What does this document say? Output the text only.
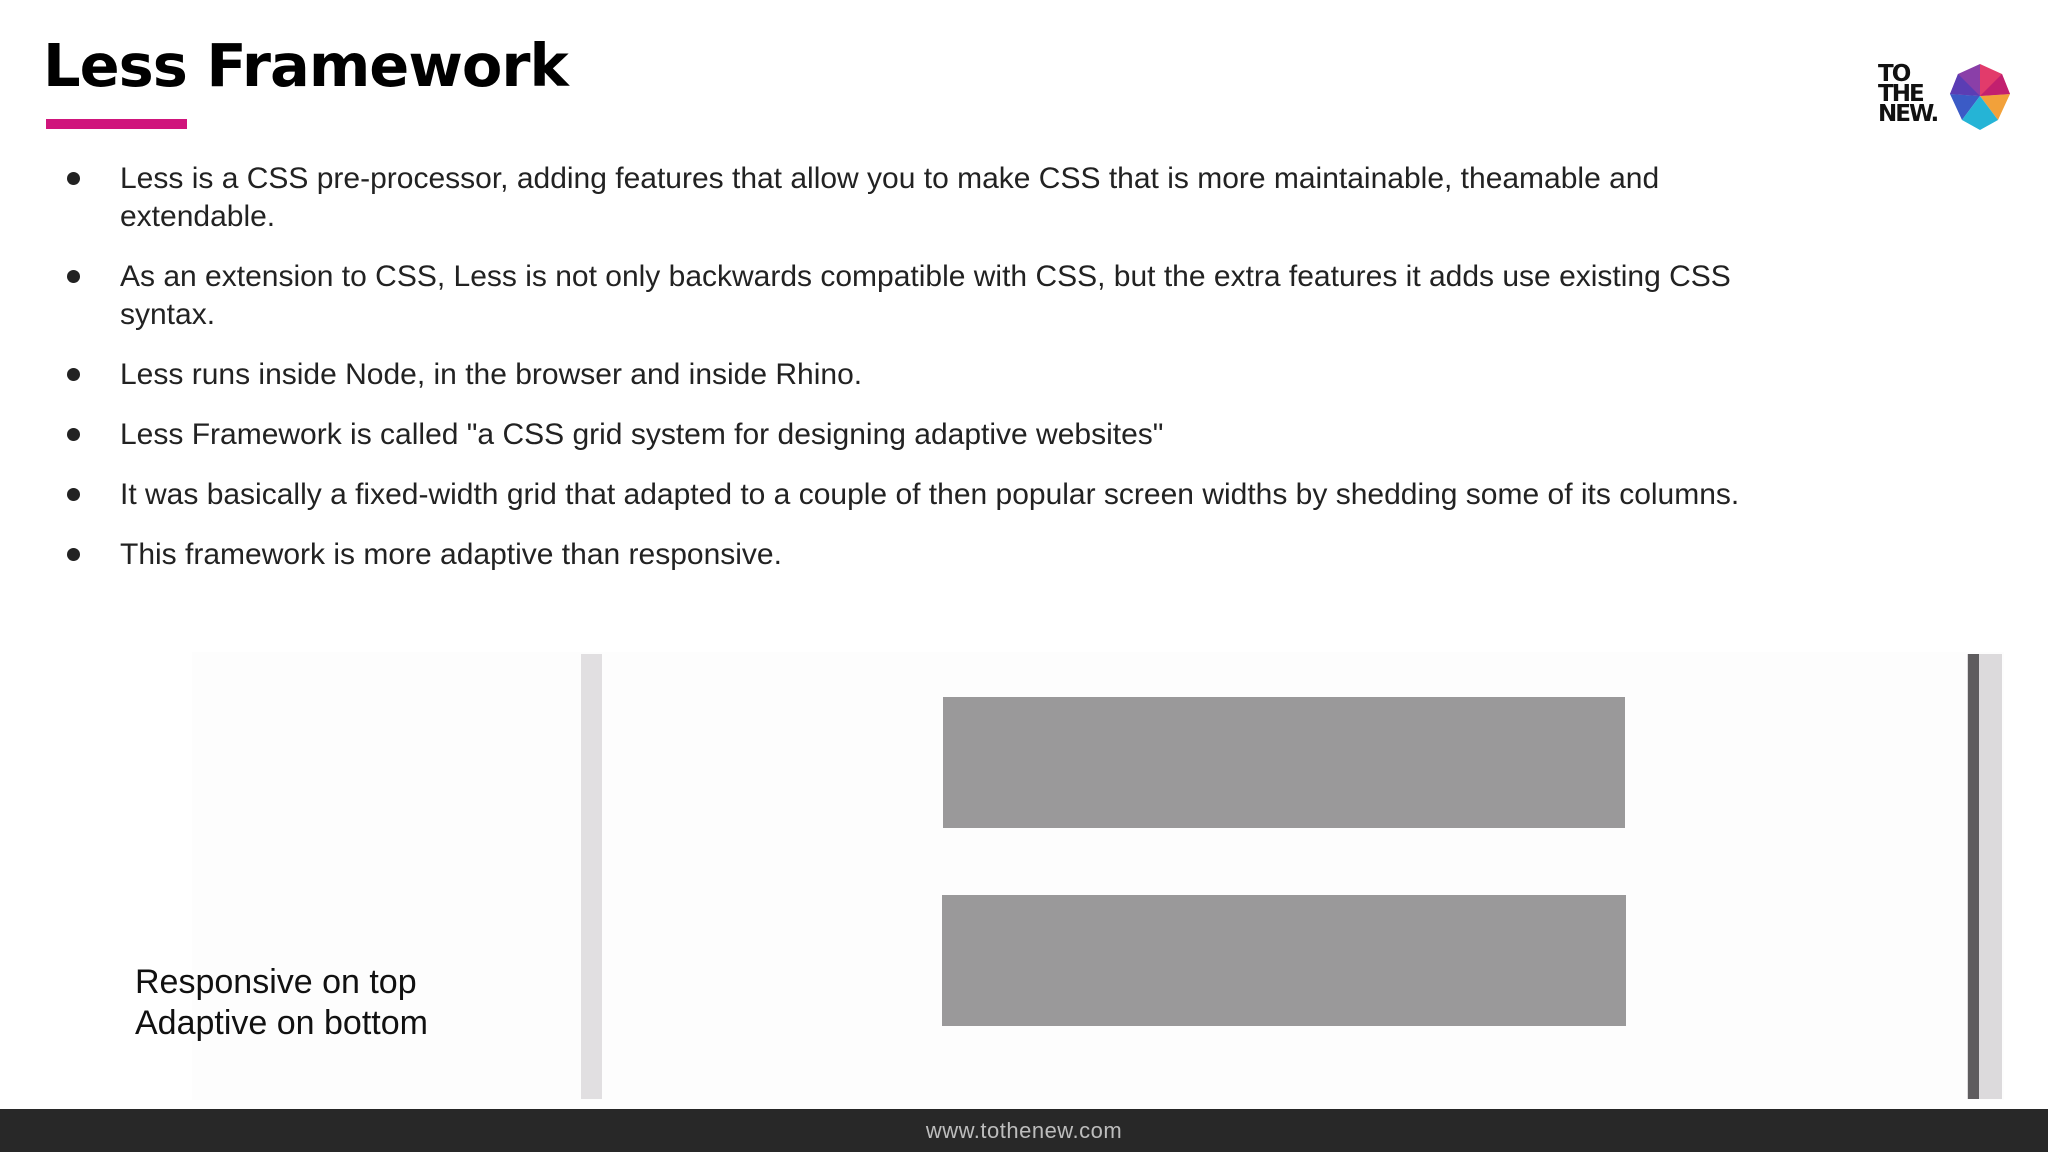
Less Framework	TO
THE
NEW.
Less is a CSS pre-processor, adding features that allow you to make CSS that is more maintainable, theamable and extendable.
As an extension to CSS, Less is not only backwards compatible with CSS, but the extra features it adds use existing CSS syntax.
Less runs inside Node, in the browser and inside Rhino.
Less Framework is called "a CSS grid system for designing adaptive websites"
It was basically a fixed-width grid that adapted to a couple of then popular screen widths by shedding some of its columns.
This framework is more adaptive than responsive.
Responsive on top
Adaptive on bottom
www.tothenew.com
